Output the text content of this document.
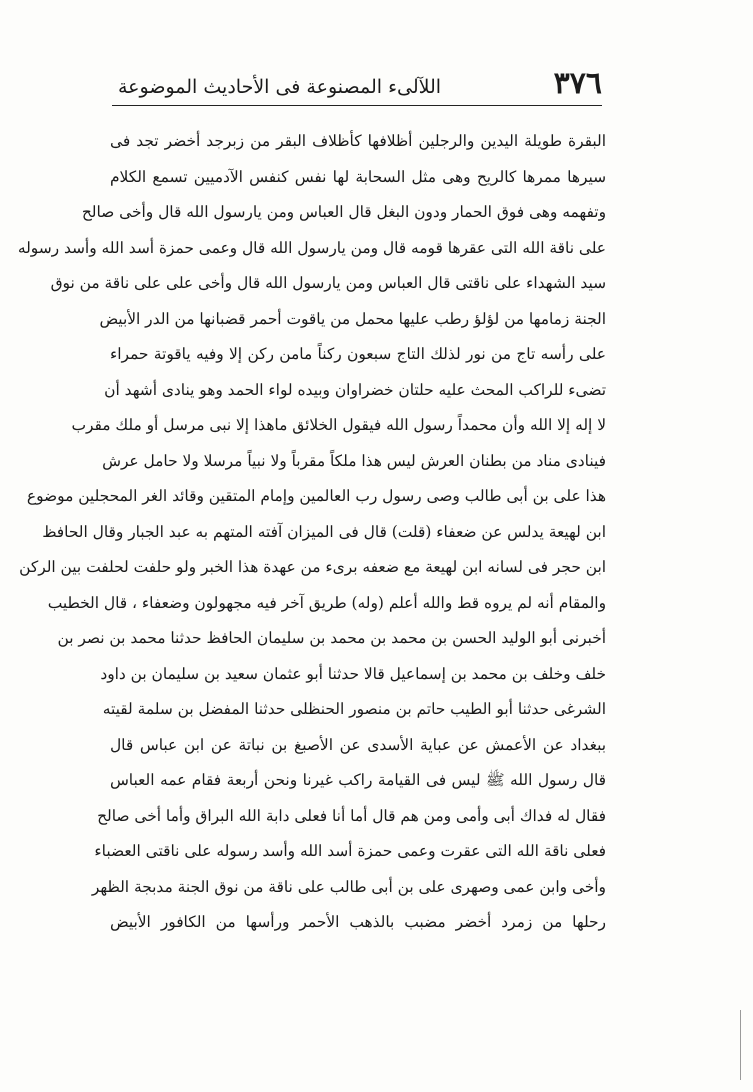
٣٧٦
اللآلىء المصنوعة فى الأحاديث الموضوعة
البقرة طويلة اليدين والرجلين أظلافها كأظلاف البقر من زبرجد أخضر تجد فى
سيرها ممرها كالريح وهى مثل السحابة لها نفس كنفس الآدميين تسمع الكلام
وتفهمه وهى فوق الحمار ودون البغل قال العباس ومن يارسول الله قال وأخى صالح
على ناقة الله التى عقرها قومه قال ومن يارسول الله قال وعمى حمزة أسد الله وأسد رسوله
سيد الشهداء على ناقتى قال العباس ومن يارسول الله قال وأخى على على ناقة من نوق
الجنة زمامها من لؤلؤ رطب عليها محمل من ياقوت أحمر قضبانها من الدر الأبيض
على رأسه تاج من نور لذلك التاج سبعون ركناً مامن ركن إلا وفيه ياقوتة حمراء
تضىء للراكب المحث عليه حلتان خضراوان وبيده لواء الحمد وهو ينادى أشهد أن
لا إله إلا الله وأن محمداً رسول الله فيقول الخلائق ماهذا إلا نبى مرسل أو ملك مقرب
فينادى مناد من بطنان العرش ليس هذا ملكاً مقرباً ولا نبياً مرسلا ولا حامل عرش
هذا على بن أبى طالب وصى رسول رب العالمين وإمام المتقين وقائد الغر المحجلين موضوع
ابن لهيعة يدلس عن ضعفاء (قلت) قال فى الميزان آفته المتهم به عبد الجبار وقال الحافظ
ابن حجر فى لسانه ابن لهيعة مع ضعفه برىء من عهدة هذا الخبر ولو حلفت لحلفت بين الركن
والمقام أنه لم يروه قط والله أعلم (وله) طريق آخر فيه مجهولون وضعفاء ، قال الخطيب
أخبرنى أبو الوليد الحسن بن محمد بن محمد بن سليمان الحافظ حدثنا محمد بن نصر بن
خلف وخلف بن محمد بن إسماعيل قالا حدثنا أبو عثمان سعيد بن سليمان بن داود
الشرغى حدثنا أبو الطيب حاتم بن منصور الحنظلى حدثنا المفضل بن سلمة لقيته
ببغداد عن الأعمش عن عباية الأسدى عن الأصبغ بن نباتة عن ابن عباس قال
قال رسول الله ﷺ ليس فى القيامة راكب غيرنا ونحن أربعة فقام عمه العباس
فقال له فداك أبى وأمى ومن هم قال أما أنا فعلى دابة الله البراق وأما أخى صالح
فعلى ناقة الله التى عقرت وعمى حمزة أسد الله وأسد رسوله على ناقتى العضباء
وأخى وابن عمى وصهرى على بن أبى طالب على ناقة من نوق الجنة مدبجة الظهر
رحلها من زمرد أخضر مضبب بالذهب الأحمر ورأسها من الكافور الأبيض
